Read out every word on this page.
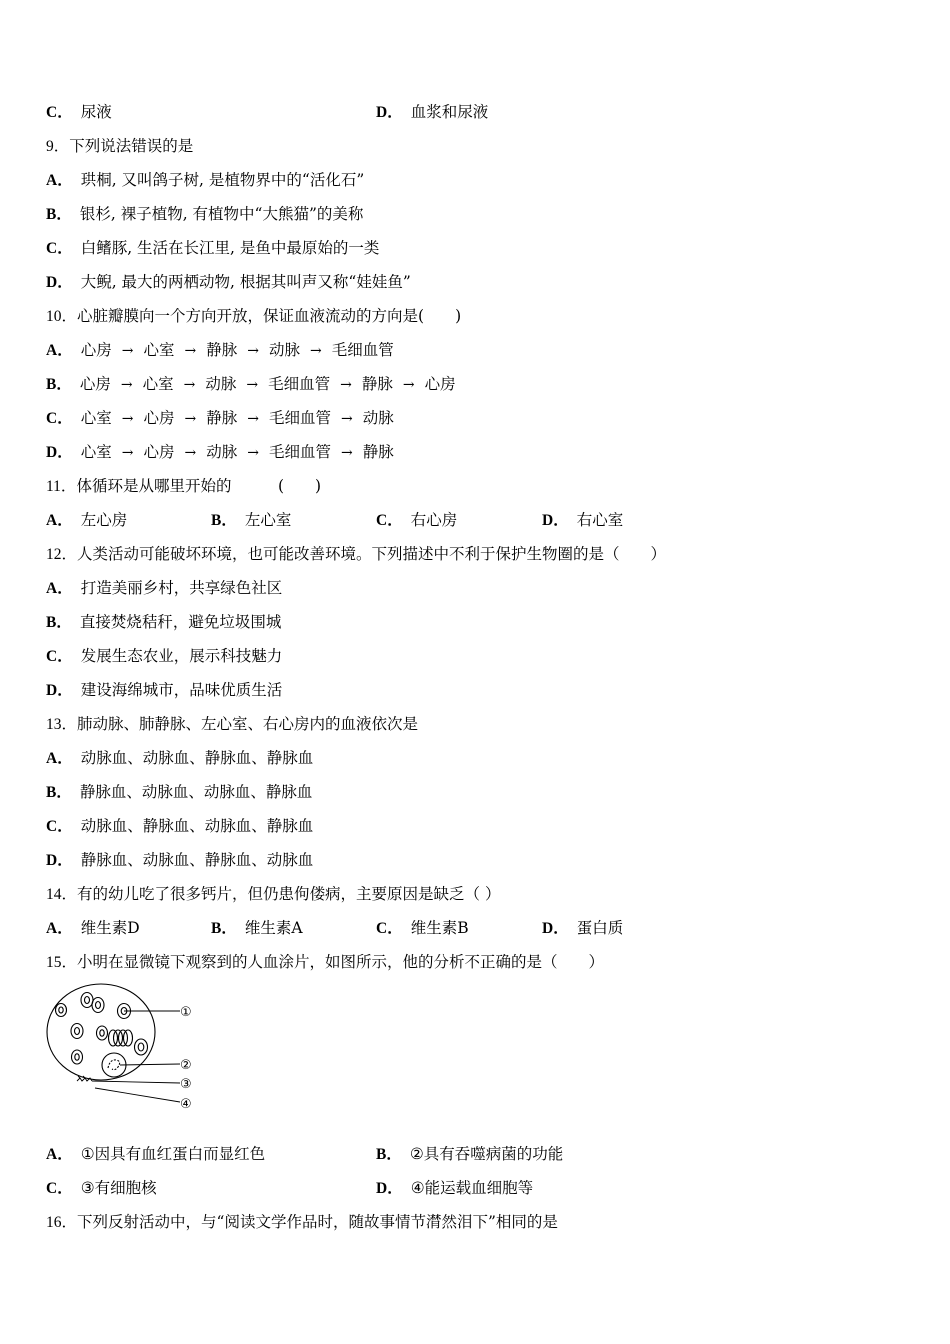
C． 尿液	D． 血浆和尿液
9．下列说法错误的是
A． 珙桐, 又叫鸽子树, 是植物界中的“活化石”
B． 银杉, 裸子植物, 有植物中“大熊猫”的美称
C． 白鳍豚, 生活在长江里, 是鱼中最原始的一类
D． 大鲵, 最大的两栖动物, 根据其叫声又称“娃娃鱼”
10．心脏瓣膜向一个方向开放，保证血液流动的方向是(　　)
A． 心房 → 心室 → 静脉 → 动脉 → 毛细血管
B． 心房 → 心室 → 动脉 → 毛细血管 → 静脉 → 心房
C． 心室 → 心房 → 静脉 → 毛细血管 → 动脉
D． 心室 → 心房 → 动脉 → 毛细血管 → 静脉
11．体循环是从哪里开始的　　　(　　)
A． 左心房	B． 左心室	C． 右心房	D． 右心室
12．人类活动可能破坏环境，也可能改善环境。下列描述中不利于保护生物圈的是（　　）
A． 打造美丽乡村，共享绿色社区
B． 直接焚烧秸秆，避免垃圾围城
C． 发展生态农业，展示科技魅力
D． 建设海绵城市，品味优质生活
13．肺动脉、肺静脉、左心室、右心房内的血液依次是
A． 动脉血、动脉血、静脉血、静脉血
B． 静脉血、动脉血、动脉血、静脉血
C． 动脉血、静脉血、动脉血、静脉血
D． 静脉血、动脉血、静脉血、动脉血
14．有的幼儿吃了很多钙片，但仍患佝偻病，主要原因是缺乏（ ）
A． 维生素D	B． 维生素A	C． 维生素B	D． 蛋白质
15．小明在显微镜下观察到的人血涂片，如图所示，他的分析不正确的是（　　）
①
②
③
④
A． ①因具有血红蛋白而显红色	B． ②具有吞噬病菌的功能
C． ③有细胞核	D． ④能运载血细胞等
16．下列反射活动中，与“阅读文学作品时，随故事情节潸然泪下”相同的是
